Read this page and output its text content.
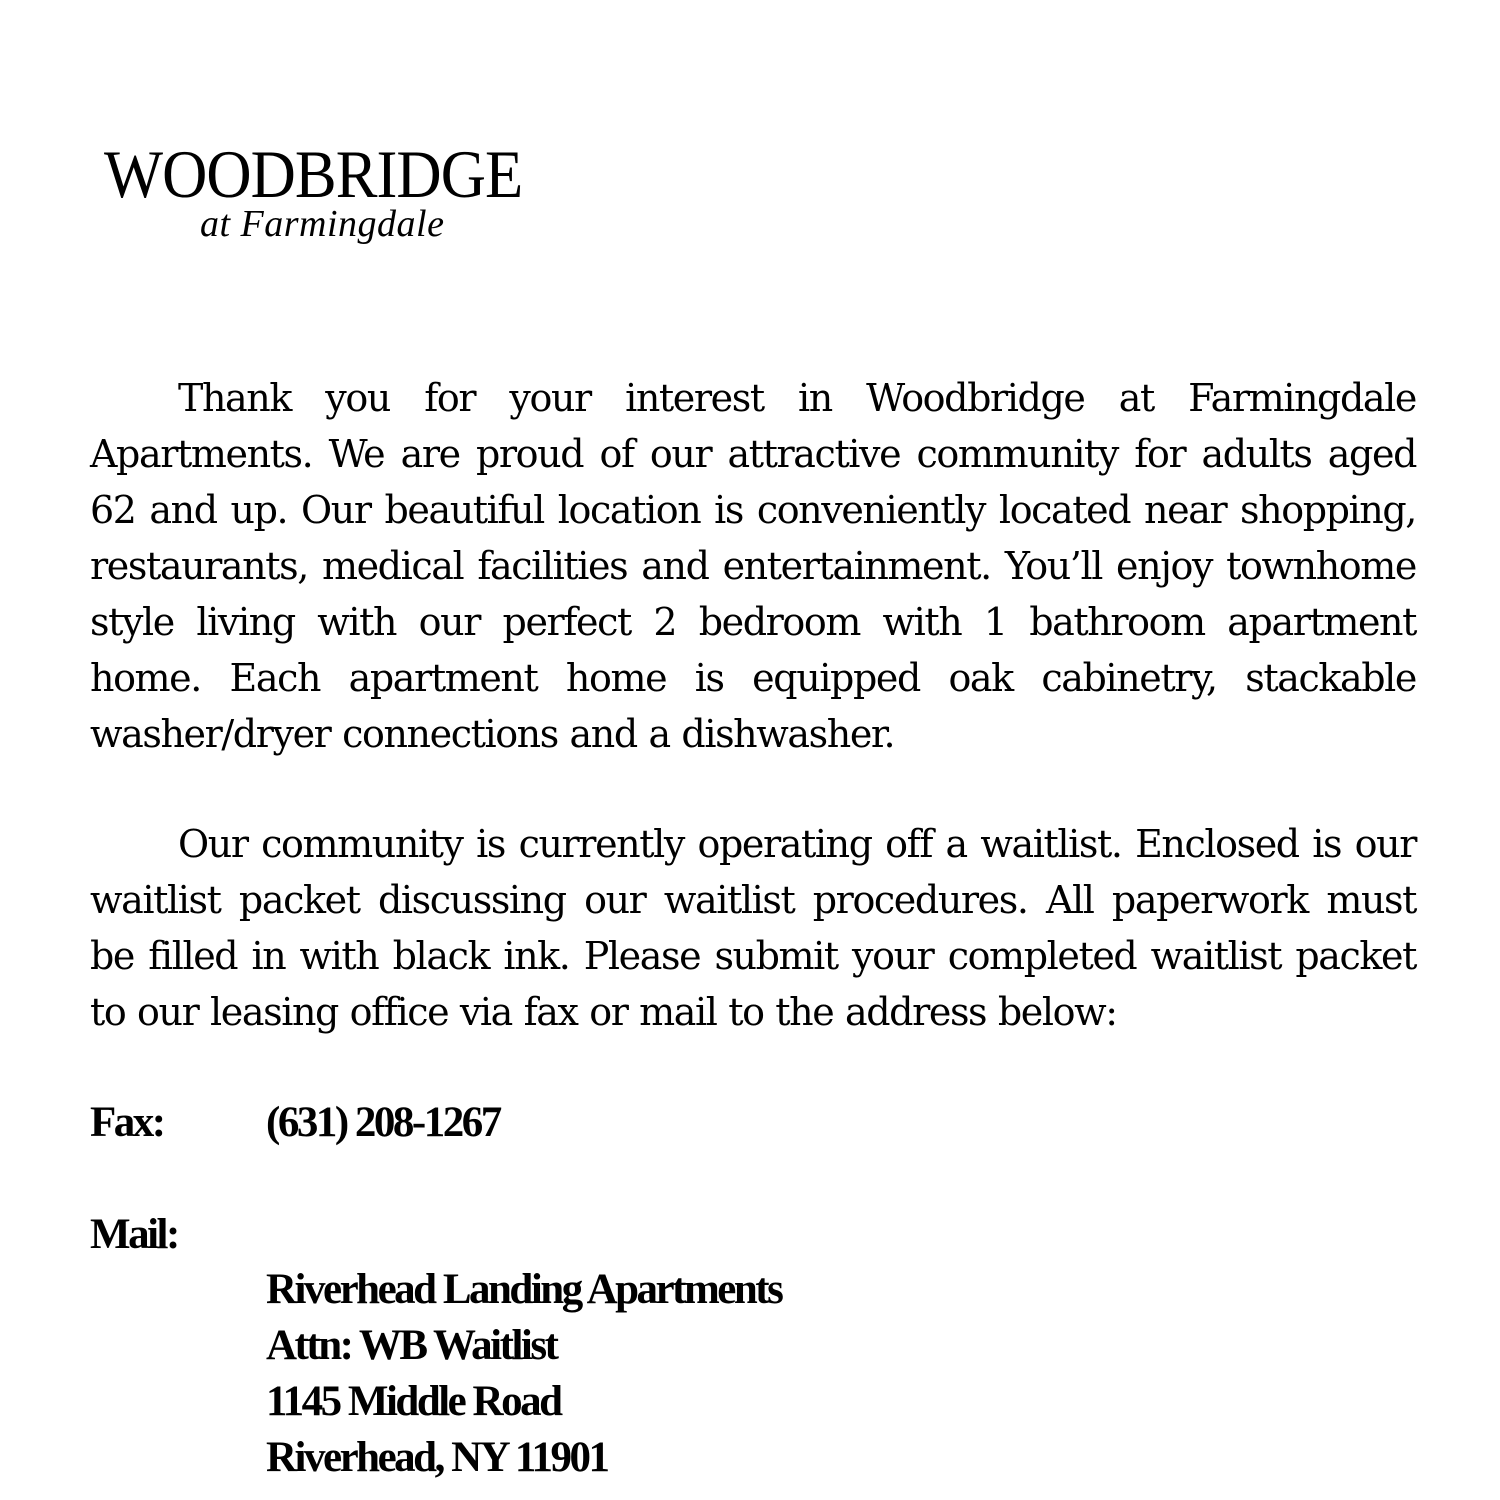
WOODBRIDGE
at Farmingdale

Thank you for your interest in Woodbridge at Farmingdale Apartments. We are proud of our attractive community for adults aged 62 and up. Our beautiful location is conveniently located near shopping, restaurants, medical facilities and entertainment. You’ll enjoy townhome style living with our perfect 2 bedroom with 1 bathroom apartment home. Each apartment home is equipped oak cabinetry, stackable washer/dryer connections and a dishwasher.

Our community is currently operating off a waitlist. Enclosed is our waitlist packet discussing our waitlist procedures. All paperwork must be filled in with black ink. Please submit your completed waitlist packet to our leasing office via fax or mail to the address below:

Fax: (631) 208-1267
Mail:
Riverhead Landing Apartments
Attn: WB Waitlist
1145 Middle Road
Riverhead, NY 11901
